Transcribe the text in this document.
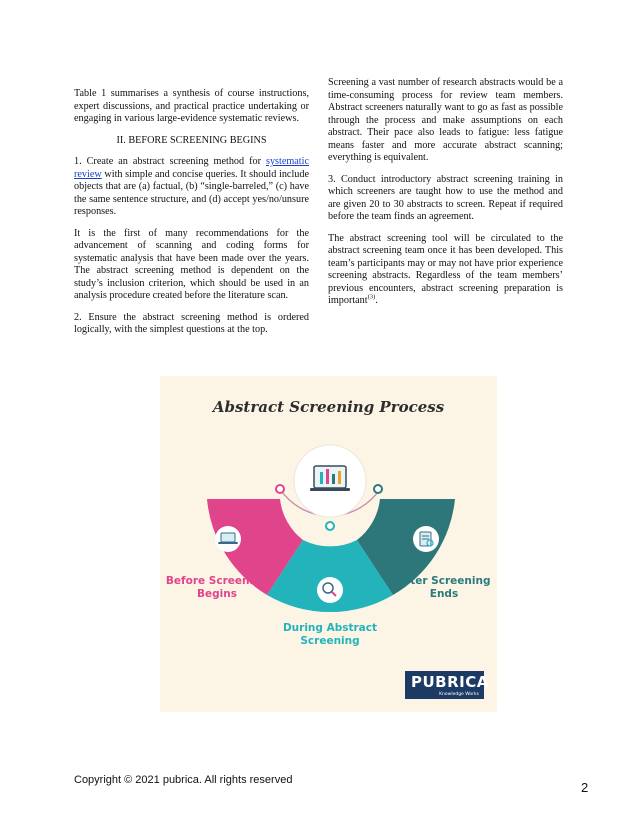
Table 1 summarises a synthesis of course instructions, expert discussions, and practical practice undertaking or engaging in various large-evidence systematic reviews.

II. BEFORE SCREENING BEGINS

1. Create an abstract screening method for systematic review with simple and concise queries. It should include objects that are (a) factual, (b) “single-barreled,” (c) have the same sentence structure, and (d) accept yes/no/unsure responses.

It is the first of many recommendations for the advancement of scanning and coding forms for systematic analysis that have been made over the years. The abstract screening method is dependent on the study’s inclusion criterion, which should be used in an analysis procedure created before the literature scan.

2. Ensure the abstract screening method is ordered logically, with the simplest questions at the top.

Screening a vast number of research abstracts would be a time-consuming process for review team members. Abstract screeners naturally want to go as fast as possible through the process and make assumptions on each abstract. Their pace also leads to fatigue: less fatigue means faster and more accurate abstract scanning; everything is equivalent.

3. Conduct introductory abstract screening training in which screeners are taught how to use the method and are given 20 to 30 abstracts to screen. Repeat if required before the team finds an agreement.

The abstract screening tool will be circulated to the abstract screening team once it has been developed. This team’s participants may or may not have prior experience screening abstracts. Regardless of the team members’ previous encounters, abstract screening preparation is important$^{(3)}$.

Abstract Screening Process
Before Screening Begins
During Abstract Screening
After Screening Ends
PUBRICA
Knowledge Works
Copyright © 2021 pubrica. All rights reserved	2
